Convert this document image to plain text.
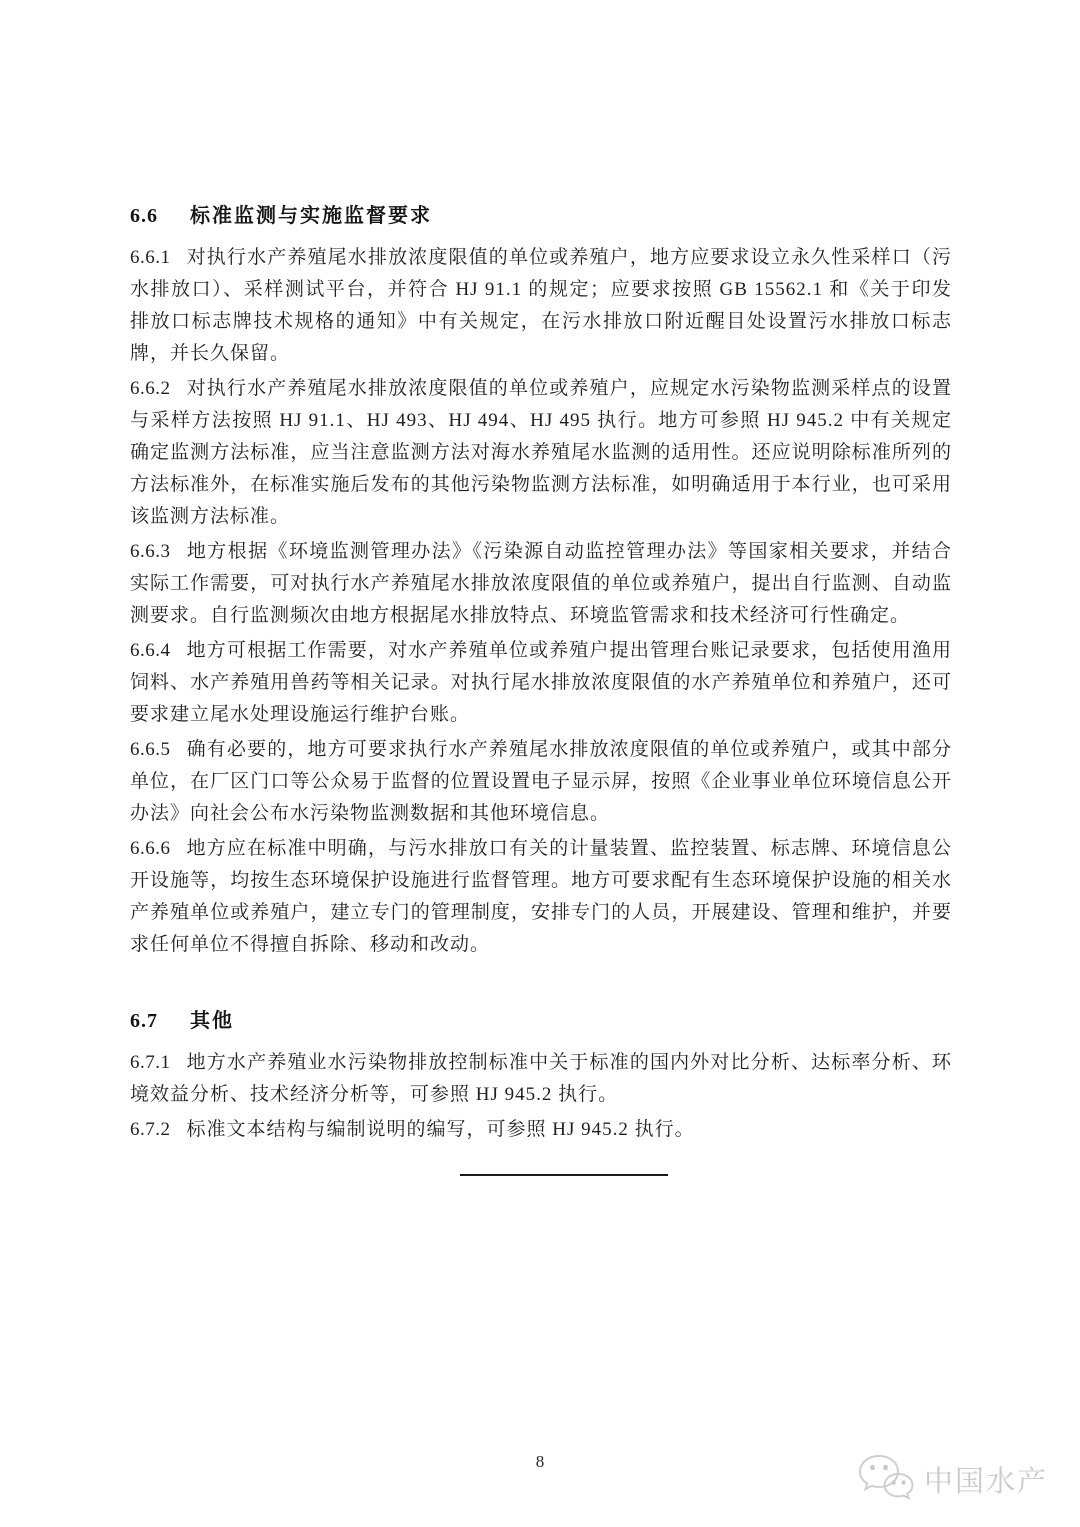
6.6 标准监测与实施监督要求

6.6.1 对执行水产养殖尾水排放浓度限值的单位或养殖户，地方应要求设立永久性采样口（污水排放口）、采样测试平台，并符合 HJ 91.1 的规定；应要求按照 GB 15562.1 和《关于印发排放口标志牌技术规格的通知》中有关规定，在污水排放口附近醒目处设置污水排放口标志牌，并长久保留。

6.6.2 对执行水产养殖尾水排放浓度限值的单位或养殖户，应规定水污染物监测采样点的设置与采样方法按照 HJ 91.1、HJ 493、HJ 494、HJ 495 执行。地方可参照 HJ 945.2 中有关规定确定监测方法标准，应当注意监测方法对海水养殖尾水监测的适用性。还应说明除标准所列的方法标准外，在标准实施后发布的其他污染物监测方法标准，如明确适用于本行业，也可采用该监测方法标准。

6.6.3 地方根据《环境监测管理办法》《污染源自动监控管理办法》等国家相关要求，并结合实际工作需要，可对执行水产养殖尾水排放浓度限值的单位或养殖户，提出自行监测、自动监测要求。自行监测频次由地方根据尾水排放特点、环境监管需求和技术经济可行性确定。

6.6.4 地方可根据工作需要，对水产养殖单位或养殖户提出管理台账记录要求，包括使用渔用饲料、水产养殖用兽药等相关记录。对执行尾水排放浓度限值的水产养殖单位和养殖户，还可要求建立尾水处理设施运行维护台账。

6.6.5 确有必要的，地方可要求执行水产养殖尾水排放浓度限值的单位或养殖户，或其中部分单位，在厂区门口等公众易于监督的位置设置电子显示屏，按照《企业事业单位环境信息公开办法》向社会公布水污染物监测数据和其他环境信息。

6.6.6 地方应在标准中明确，与污水排放口有关的计量装置、监控装置、标志牌、环境信息公开设施等，均按生态环境保护设施进行监督管理。地方可要求配有生态环境保护设施的相关水产养殖单位或养殖户，建立专门的管理制度，安排专门的人员，开展建设、管理和维护，并要求任何单位不得擅自拆除、移动和改动。

6.7 其他

6.7.1 地方水产养殖业水污染物排放控制标准中关于标准的国内外对比分析、达标率分析、环境效益分析、技术经济分析等，可参照 HJ 945.2 执行。

6.7.2 标准文本结构与编制说明的编写，可参照 HJ 945.2 执行。

8
中国水产
